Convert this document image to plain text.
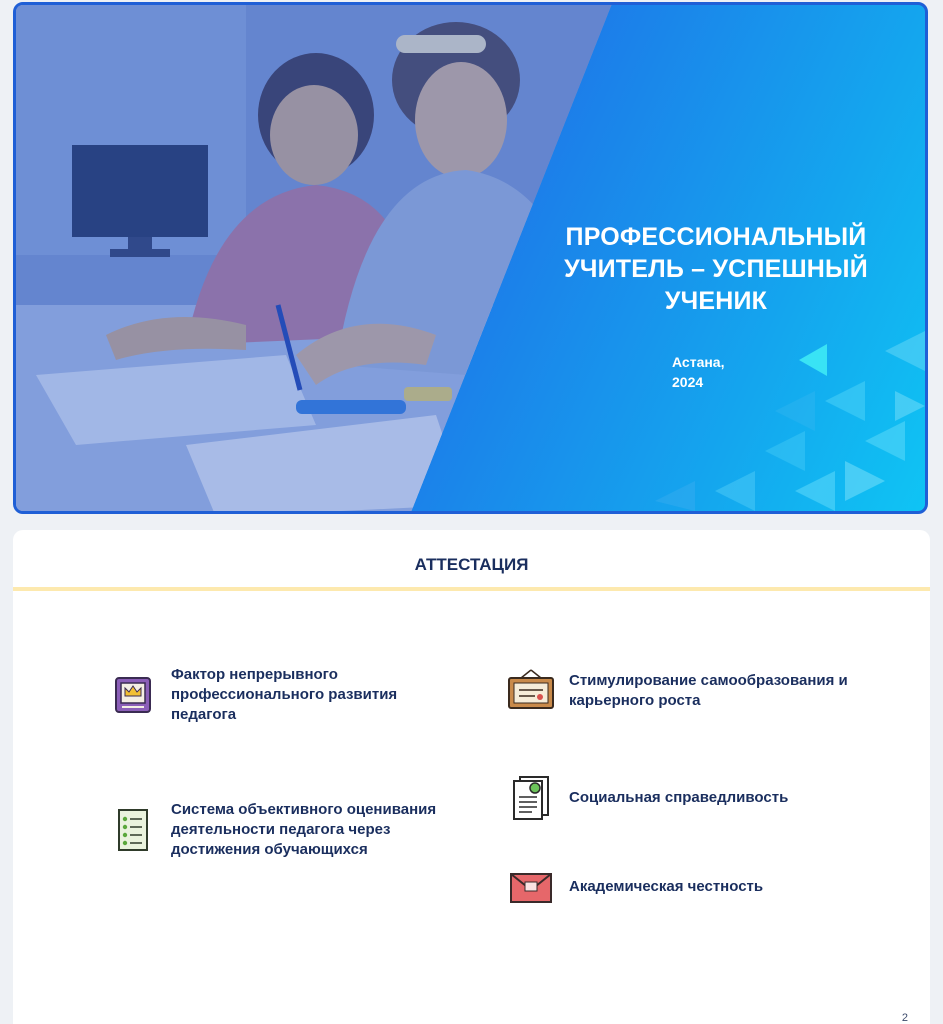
ПРОФЕССИОНАЛЬНЫЙ УЧИТЕЛЬ – УСПЕШНЫЙ УЧЕНИК
Астана,
2024
АТТЕСТАЦИЯ
Фактор непрерывного профессионального развития педагога
Система объективного оценивания деятельности педагога через достижения обучающихся
Стимулирование самообразования и карьерного роста
Социальная справедливость
Академическая честность
2
